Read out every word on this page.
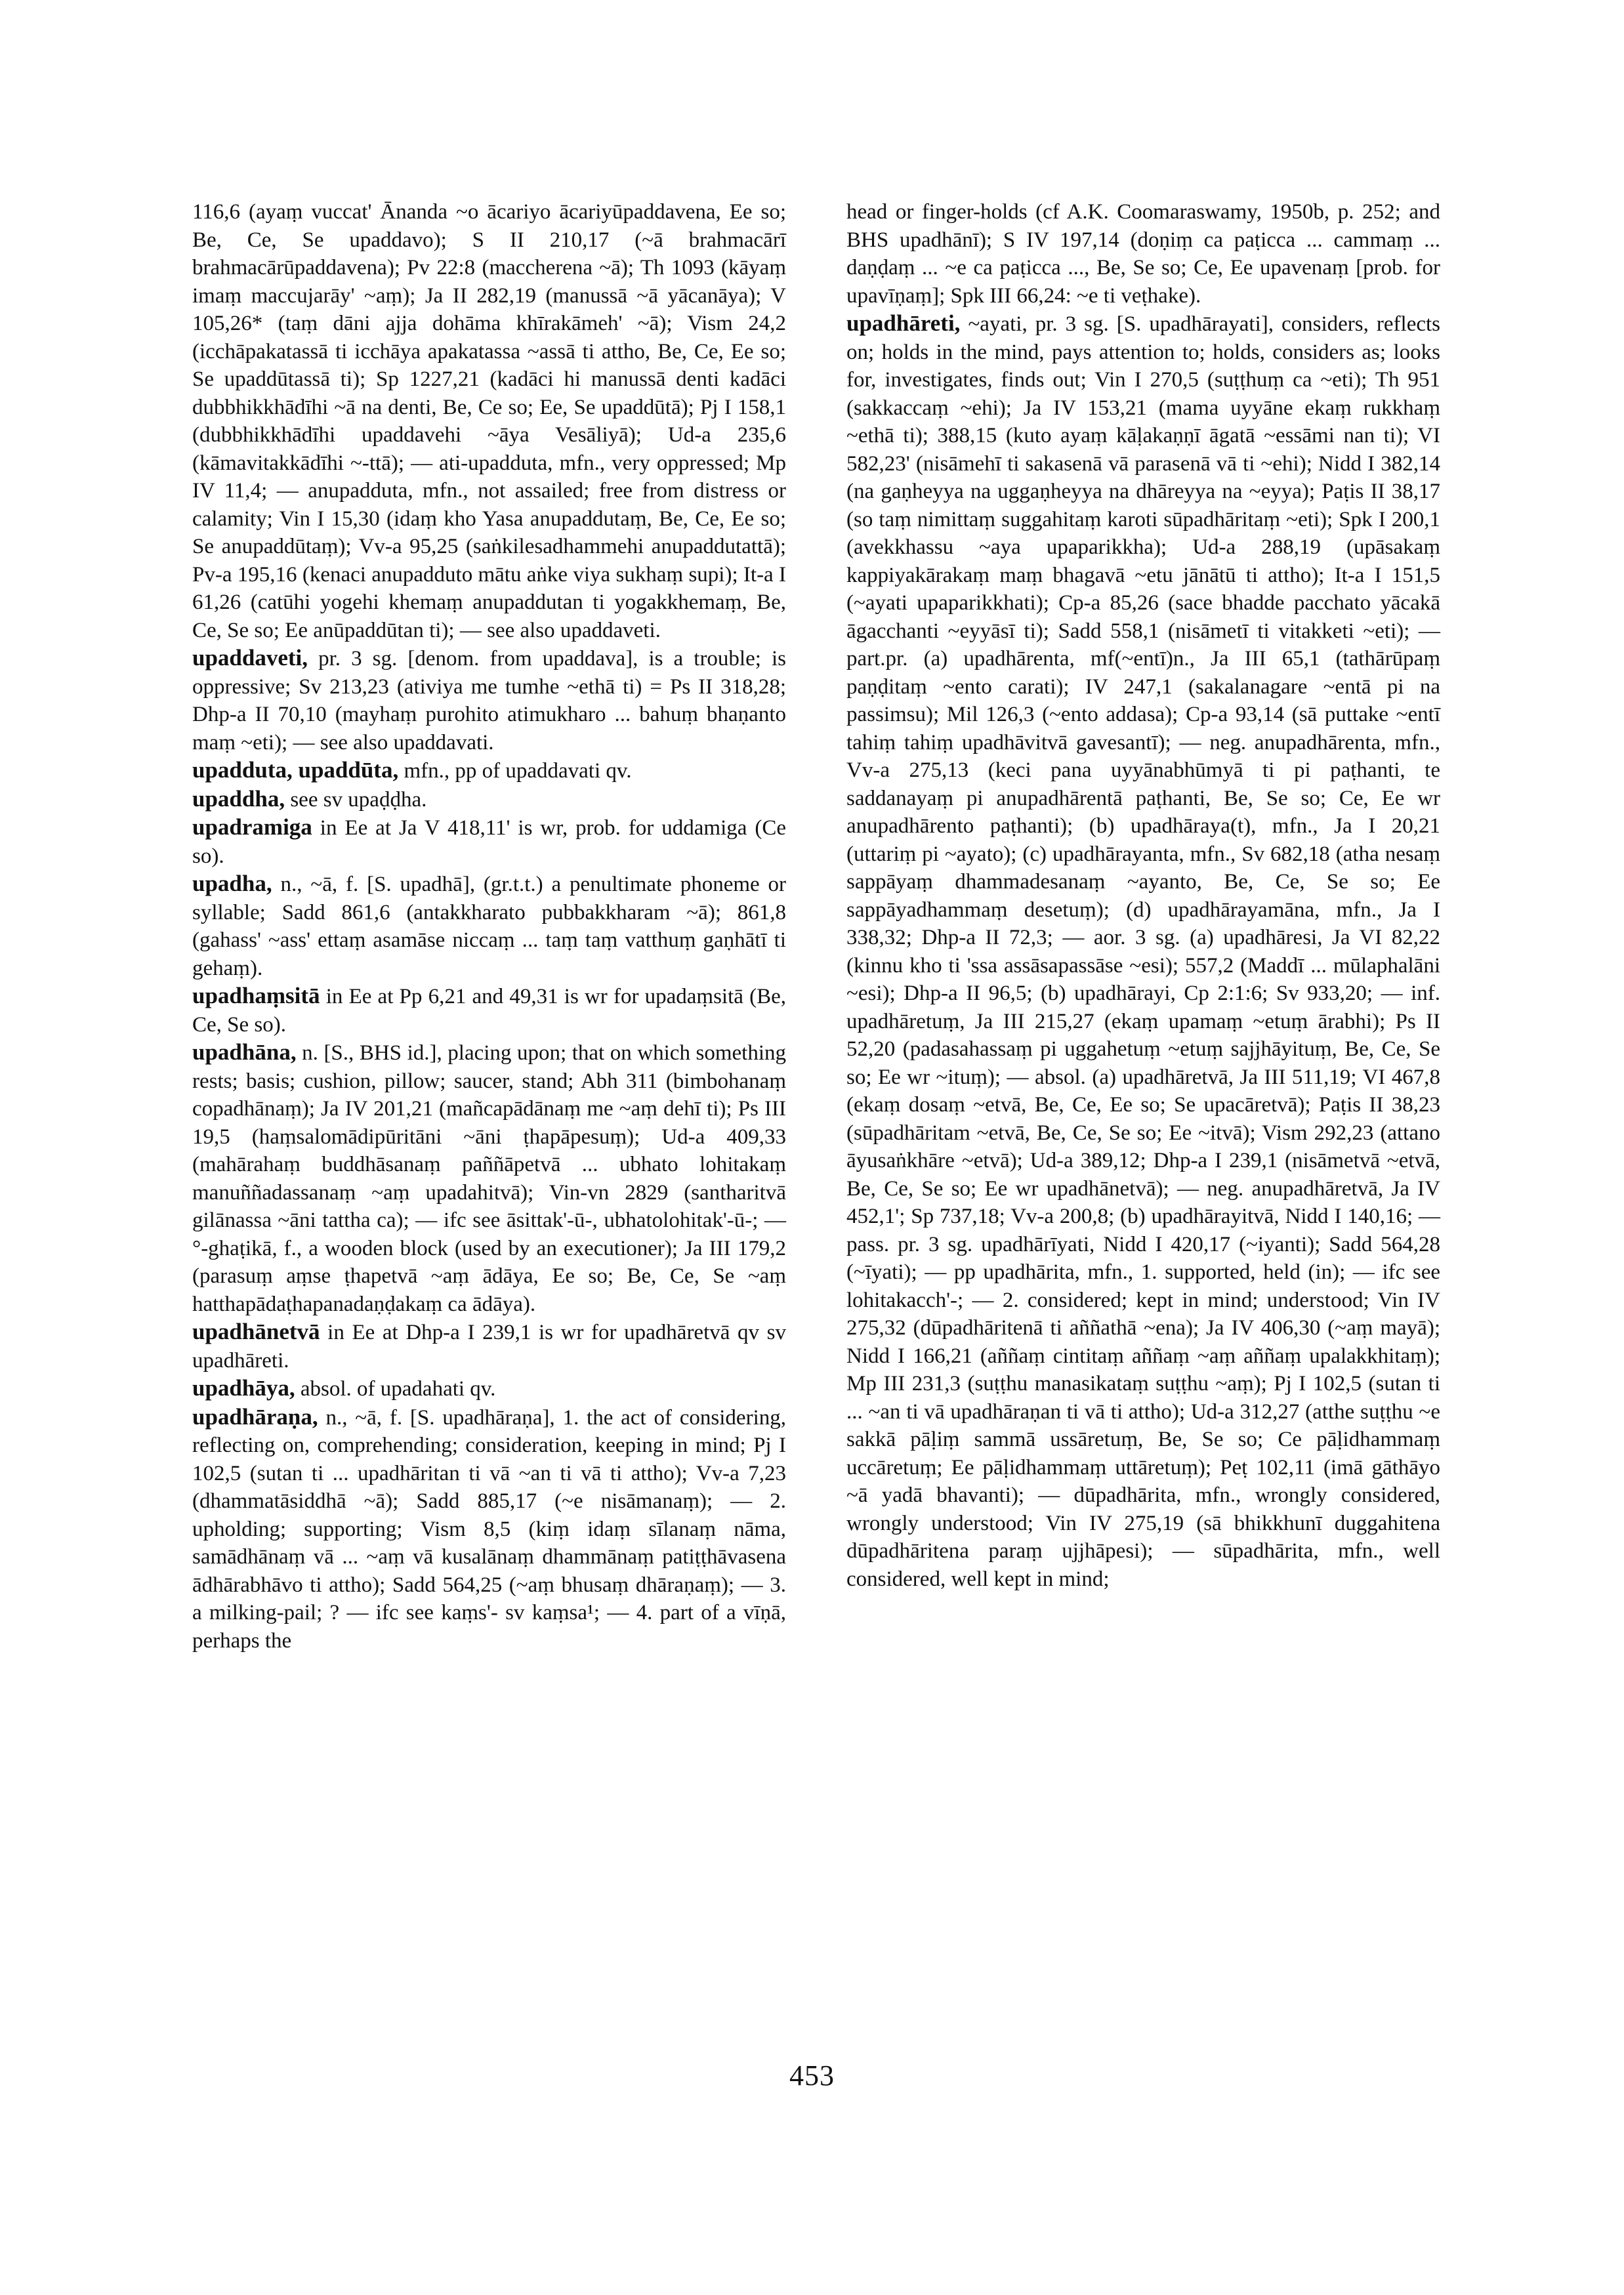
116,6 (ayaṃ vuccat' Ānanda ~o ācariyo ācariyūpaddavena, Ee so; Be, Ce, Se upaddavo); S II 210,17 (~ā brahmacārī brahmacārūpaddavena); Pv 22:8 (maccherena ~ā); Th 1093 (kāyaṃ imaṃ maccujarāy' ~aṃ); Ja II 282,19 (manussā ~ā yācanāya); V 105,26* (taṃ dāni ajja dohāma khīrakāmeh' ~ā); Vism 24,2 (icchāpakatassā ti icchāya apakatassa ~assā ti attho, Be, Ce, Ee so; Se upaddūtassā ti); Sp 1227,21 (kadāci hi manussā denti kadāci dubbhikkhādīhi ~ā na denti, Be, Ce so; Ee, Se upaddūtā); Pj I 158,1 (dubbhikkhādīhi upaddavehi ~āya Vesāliyā); Ud-a 235,6 (kāmavitakkādīhi ~-ttā); — ati-upadduta, mfn., very oppressed; Mp IV 11,4; — anupadduta, mfn., not assailed; free from distress or calamity; Vin I 15,30 (idaṃ kho Yasa anupaddutaṃ, Be, Ce, Ee so; Se anupaddūtaṃ); Vv-a 95,25 (saṅkilesadhammehi anupaddutattā); Pv-a 195,16 (kenaci anupadduto mātu aṅke viya sukhaṃ supi); It-a I 61,26 (catūhi yogehi khemaṃ anupaddutan ti yogakkhemaṃ, Be, Ce, Se so; Ee anūpaddūtan ti); — see also upaddaveti.

upaddaveti, pr. 3 sg. [denom. from upaddava], is a trouble; is oppressive; Sv 213,23 (ativiya me tumhe ~ethā ti) = Ps II 318,28; Dhp-a II 70,10 (mayhaṃ purohito atimukharo ... bahuṃ bhaṇanto maṃ ~eti); — see also upaddavati.

upadduta, upaddūta, mfn., pp of upaddavati qv.

upaddha, see sv upaḍḍha.

upadramiga in Ee at Ja V 418,11' is wr, prob. for uddamiga (Ce so).

upadha, n., ~ā, f. [S. upadhā], (gr.t.t.) a penultimate phoneme or syllable; Sadd 861,6 (antakkharato pubbakkharam ~ā); 861,8 (gahass' ~ass' ettaṃ asamāse niccaṃ ... taṃ taṃ vatthuṃ gaṇhātī ti gehaṃ).

upadhaṃsitā in Ee at Pp 6,21 and 49,31 is wr for upadaṃsitā (Be, Ce, Se so).

upadhāna, n. [S., BHS id.], placing upon; that on which something rests; basis; cushion, pillow; saucer, stand; Abh 311 (bimbohanaṃ copadhānaṃ); Ja IV 201,21 (mañcapādānaṃ me ~aṃ dehī ti); Ps III 19,5 (haṃsalomādipūritāni ~āni ṭhapāpesuṃ); Ud-a 409,33 (mahārahaṃ buddhāsanaṃ paññāpetvā ... ubhato lohitakaṃ manuññadassanaṃ ~aṃ upadahitvā); Vin-vn 2829 (santharitvā gilānassa ~āni tattha ca); — ifc see āsittak'-ū-, ubhatolohitak'-ū-; — °-ghaṭikā, f., a wooden block (used by an executioner); Ja III 179,2 (parasuṃ aṃse ṭhapetvā ~aṃ ādāya, Ee so; Be, Ce, Se ~aṃ hatthapādaṭhapanadaṇḍakaṃ ca ādāya).

upadhānetvā in Ee at Dhp-a I 239,1 is wr for upadhāretvā qv sv upadhāreti.

upadhāya, absol. of upadahati qv.

upadhāraṇa, n., ~ā, f. [S. upadhāraṇa], 1. the act of considering, reflecting on, comprehending; consideration, keeping in mind; Pj I 102,5 (sutan ti ... upadhāritan ti vā ~an ti vā ti attho); Vv-a 7,23 (dhammatāsiddhā ~ā); Sadd 885,17 (~e nisāmanaṃ); — 2. upholding; supporting; Vism 8,5 (kiṃ idaṃ sīlanaṃ nāma, samādhānaṃ vā ... ~aṃ vā kusalānaṃ dhammānaṃ patiṭṭhāvasena ādhārabhāvo ti attho); Sadd 564,25 (~aṃ bhusaṃ dhāraṇaṃ); — 3. a milking-pail; ? — ifc see kaṃs'- sv kaṃsa¹; — 4. part of a vīṇā, perhaps the

head or finger-holds (cf A.K. Coomaraswamy, 1950b, p. 252; and BHS upadhānī); S IV 197,14 (doṇiṃ ca paṭicca ... cammaṃ ... daṇḍaṃ ... ~e ca paṭicca ..., Be, Se so; Ce, Ee upavenaṃ [prob. for upavīṇaṃ]; Spk III 66,24: ~e ti veṭhake).

upadhāreti, ~ayati, pr. 3 sg. [S. upadhārayati], considers, reflects on; holds in the mind, pays attention to; holds, considers as; looks for, investigates, finds out; Vin I 270,5 (suṭṭhuṃ ca ~eti); Th 951 (sakkaccaṃ ~ehi); Ja IV 153,21 (mama uyyāne ekaṃ rukkhaṃ ~ethā ti); 388,15 (kuto ayaṃ kāḷakaṇṇī āgatā ~essāmi nan ti); VI 582,23' (nisāmehī ti sakasenā vā parasenā vā ti ~ehi); Nidd I 382,14 (na gaṇheyya na uggaṇheyya na dhāreyya na ~eyya); Paṭis II 38,17 (so taṃ nimittaṃ suggahitaṃ karoti sūpadhāritaṃ ~eti); Spk I 200,1 (avekkhassu ~aya upaparikkha); Ud-a 288,19 (upāsakaṃ kappiyakārakaṃ maṃ bhagavā ~etu jānātū ti attho); It-a I 151,5 (~ayati upaparikkhati); Cp-a 85,26 (sace bhadde pacchato yācakā āgacchanti ~eyyāsī ti); Sadd 558,1 (nisāmetī ti vitakketi ~eti); — part.pr. (a) upadhārenta, mf(~entī)n., Ja III 65,1 (tathārūpaṃ paṇḍitaṃ ~ento carati); IV 247,1 (sakalanagare ~entā pi na passimsu); Mil 126,3 (~ento addasa); Cp-a 93,14 (sā puttake ~entī tahiṃ tahiṃ upadhāvitvā gavesantī); — neg. anupadhārenta, mfn., Vv-a 275,13 (keci pana uyyānabhūmyā ti pi paṭhanti, te saddanayaṃ pi anupadhārentā paṭhanti, Be, Se so; Ce, Ee wr anupadhārento paṭhanti); (b) upadhāraya(t), mfn., Ja I 20,21 (uttariṃ pi ~ayato); (c) upadhārayanta, mfn., Sv 682,18 (atha nesaṃ sappāyaṃ dhammadesanaṃ ~ayanto, Be, Ce, Se so; Ee sappāyadhammaṃ desetuṃ); (d) upadhārayamāna, mfn., Ja I 338,32; Dhp-a II 72,3; — aor. 3 sg. (a) upadhāresi, Ja VI 82,22 (kinnu kho ti 'ssa assāsapassāse ~esi); 557,2 (Maddī ... mūlaphalāni ~esi); Dhp-a II 96,5; (b) upadhārayi, Cp 2:1:6; Sv 933,20; — inf. upadhāretuṃ, Ja III 215,27 (ekaṃ upamaṃ ~etuṃ ārabhi); Ps II 52,20 (padasahassaṃ pi uggahetuṃ ~etuṃ sajjhāyituṃ, Be, Ce, Se so; Ee wr ~ituṃ); — absol. (a) upadhāretvā, Ja III 511,19; VI 467,8 (ekaṃ dosaṃ ~etvā, Be, Ce, Ee so; Se upacāretvā); Paṭis II 38,23 (sūpadhāritam ~etvā, Be, Ce, Se so; Ee ~itvā); Vism 292,23 (attano āyusaṅkhāre ~etvā); Ud-a 389,12; Dhp-a I 239,1 (nisāmetvā ~etvā, Be, Ce, Se so; Ee wr upadhānetvā); — neg. anupadhāretvā, Ja IV 452,1'; Sp 737,18; Vv-a 200,8; (b) upadhārayitvā, Nidd I 140,16; — pass. pr. 3 sg. upadhārīyati, Nidd I 420,17 (~iyanti); Sadd 564,28 (~īyati); — pp upadhārita, mfn., 1. supported, held (in); — ifc see lohitakacch'-; — 2. considered; kept in mind; understood; Vin IV 275,32 (dūpadhāritenā ti aññathā ~ena); Ja IV 406,30 (~aṃ mayā); Nidd I 166,21 (aññaṃ cintitaṃ aññaṃ ~aṃ aññaṃ upalakkhitaṃ); Mp III 231,3 (suṭṭhu manasikataṃ suṭṭhu ~aṃ); Pj I 102,5 (sutan ti ... ~an ti vā upadhāraṇan ti vā ti attho); Ud-a 312,27 (atthe suṭṭhu ~e sakkā pāḷiṃ sammā ussāretuṃ, Be, Se so; Ce pāḷidhammaṃ uccāretuṃ; Ee pāḷidhammaṃ uttāretuṃ); Peṭ 102,11 (imā gāthāyo ~ā yadā bhavanti); — dūpadhārita, mfn., wrongly considered, wrongly understood; Vin IV 275,19 (sā bhikkhunī duggahitena dūpadhāritena paraṃ ujjhāpesi); — sūpadhārita, mfn., well considered, well kept in mind;

453
